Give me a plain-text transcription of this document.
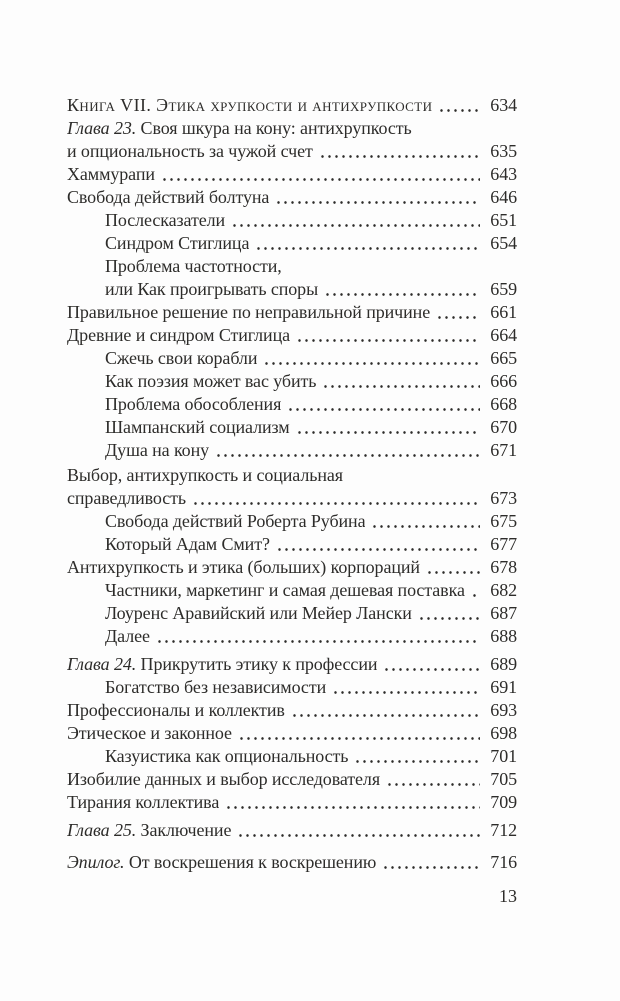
Книга VII. Этика хрупкости и антихрупкости	634
Глава 23. Своя шкура на кону: антихрупкость
и опциональность за чужой счет	635
Хаммурапи	643
Свобода действий болтуна	646
Послесказатели	651
Синдром Стиглица	654
Проблема частотности,
или Как проигрывать споры	659
Правильное решение по неправильной причине	661
Древние и синдром Стиглица	664
Сжечь свои корабли	665
Как поэзия может вас убить	666
Проблема обособления	668
Шампанский социализм	670
Душа на кону	671
Выбор, антихрупкость и социальная
справедливость	673
Свобода действий Роберта Рубина	675
Который Адам Смит?	677
Антихрупкость и этика (больших) корпораций	678
Частники, маркетинг и самая дешевая поставка 682
Лоуренс Аравийский или Мейер Лански	687
Далее	688
Глава 24. Прикрутить этику к профессии	689
Богатство без независимости	691
Профессионалы и коллектив	693
Этическое и законное	698
Казуистика как опциональность	701
Изобилие данных и выбор исследователя	705
Тирания коллектива	709
Глава 25. Заключение	712
Эпилог. От воскрешения к воскрешению	716
13
